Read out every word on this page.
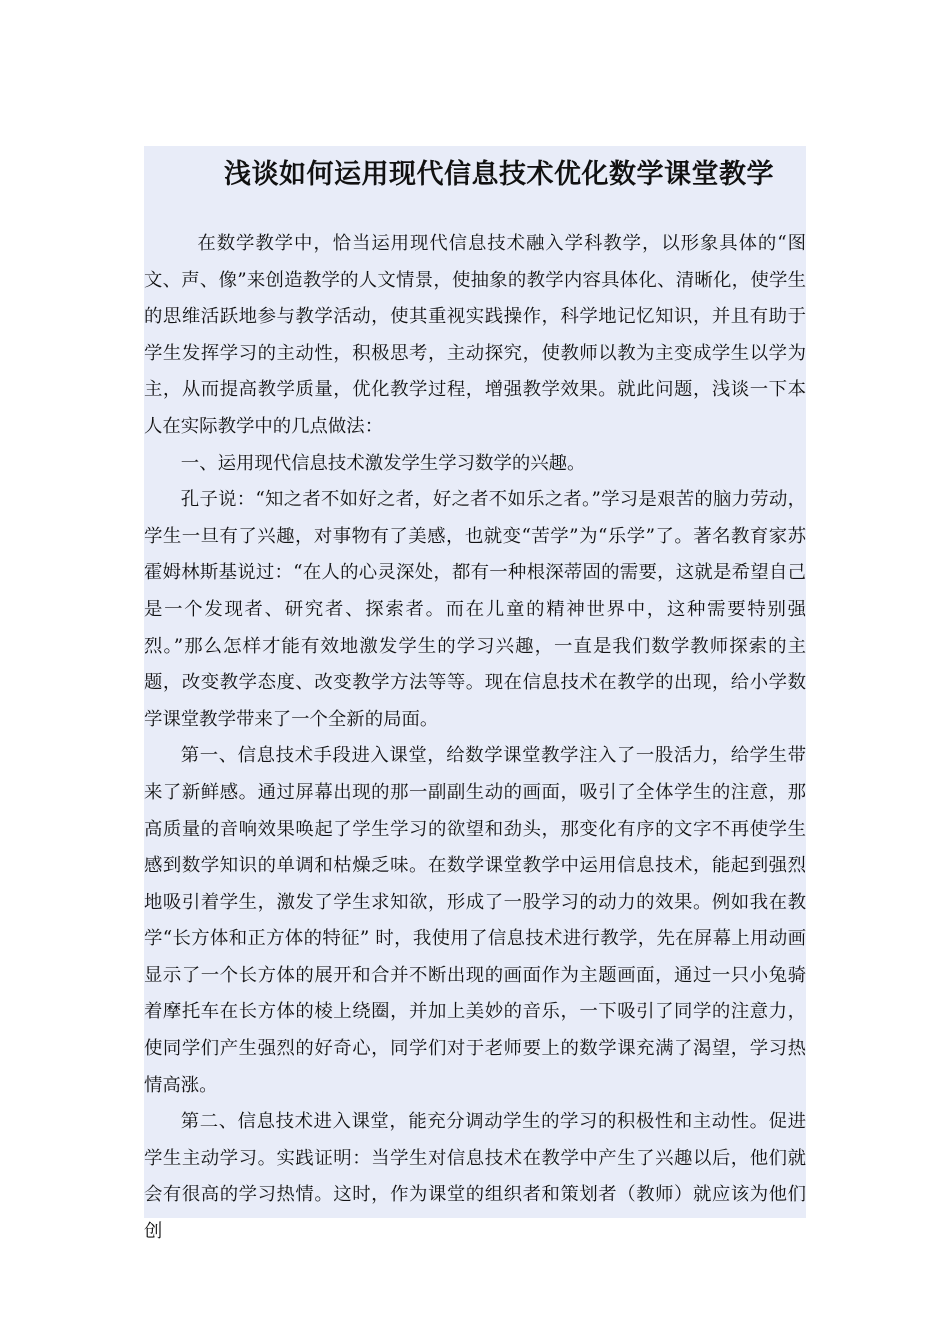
浅谈如何运用现代信息技术优化数学课堂教学

在数学教学中，恰当运用现代信息技术融入学科教学，以形象具体的“图文、声、像”来创造教学的人文情景，使抽象的教学内容具体化、清晰化，使学生的思维活跃地参与教学活动，使其重视实践操作，科学地记忆知识，并且有助于学生发挥学习的主动性，积极思考，主动探究，使教师以教为主变成学生以学为主，从而提高教学质量，优化教学过程，增强教学效果。就此问题，浅谈一下本人在实际教学中的几点做法：

一、运用现代信息技术激发学生学习数学的兴趣。

孔子说：“知之者不如好之者，好之者不如乐之者。”学习是艰苦的脑力劳动，学生一旦有了兴趣，对事物有了美感，也就变“苦学”为“乐学”了。著名教育家苏霍姆林斯基说过：“在人的心灵深处，都有一种根深蒂固的需要，这就是希望自己是一个发现者、研究者、探索者。而在儿童的精神世界中，这种需要特别强烈。”那么怎样才能有效地激发学生的学习兴趣，一直是我们数学教师探索的主题，改变教学态度、改变教学方法等等。现在信息技术在教学的出现，给小学数学课堂教学带来了一个全新的局面。

第一、信息技术手段进入课堂，给数学课堂教学注入了一股活力，给学生带来了新鲜感。通过屏幕出现的那一副副生动的画面，吸引了全体学生的注意，那高质量的音响效果唤起了学生学习的欲望和劲头，那变化有序的文字不再使学生感到数学知识的单调和枯燥乏味。在数学课堂教学中运用信息技术，能起到强烈地吸引着学生，激发了学生求知欲，形成了一股学习的动力的效果。例如我在教学“长方体和正方体的特征” 时，我使用了信息技术进行教学，先在屏幕上用动画显示了一个长方体的展开和合并不断出现的画面作为主题画面，通过一只小兔骑着摩托车在长方体的棱上绕圈，并加上美妙的音乐，一下吸引了同学的注意力，使同学们产生强烈的好奇心，同学们对于老师要上的数学课充满了渴望，学习热情高涨。

第二、信息技术进入课堂，能充分调动学生的学习的积极性和主动性。促进学生主动学习。实践证明：当学生对信息技术在教学中产生了兴趣以后，他们就会有很高的学习热情。这时，作为课堂的组织者和策划者（教师）就应该为他们创
